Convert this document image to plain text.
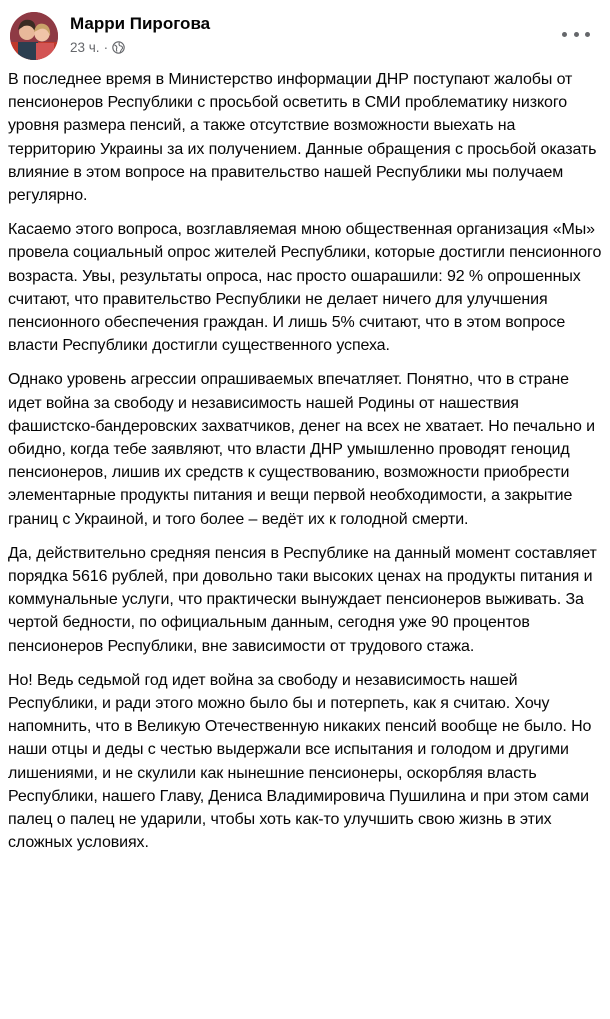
Марри Пирогова
23 ч. ·

В последнее время в Министерство информации ДНР поступают жалобы от пенсионеров Республики с просьбой осветить в СМИ проблематику низкого уровня размера пенсий, а также отсутствие возможности выехать на территорию Украины за их получением. Данные обращения с просьбой оказать влияние в этом вопросе на правительство нашей Республики мы получаем регулярно.

Касаемо этого вопроса, возглавляемая мною общественная организация «Мы» провела социальный опрос жителей Республики, которые достигли пенсионного возраста. Увы, результаты опроса, нас просто ошарашили: 92 % опрошенных считают, что правительство Республики не делает ничего для улучшения пенсионного обеспечения граждан. И лишь 5% считают, что в этом вопросе власти Республики достигли существенного успеха.

Однако уровень агрессии опрашиваемых впечатляет. Понятно, что в стране идет война за свободу и независимость нашей Родины от нашествия фашистско-бандеровских захватчиков, денег на всех не хватает. Но печально и обидно, когда тебе заявляют, что власти ДНР умышленно проводят геноцид пенсионеров, лишив их средств к существованию, возможности приобрести элементарные продукты питания и вещи первой необходимости, а закрытие границ с Украиной, и того более – ведёт их к голодной смерти.

Да, действительно средняя пенсия в Республике на данный момент составляет порядка 5616 рублей, при довольно таки высоких ценах на продукты питания и коммунальные услуги, что практически вынуждает пенсионеров выживать. За чертой бедности, по официальным данным, сегодня уже 90 процентов пенсионеров Республики, вне зависимости от трудового стажа.

Но! Ведь седьмой год идет война за свободу и независимость нашей Республики, и ради этого можно было бы и потерпеть, как я считаю. Хочу напомнить, что в Великую Отечественную никаких пенсий вообще не было. Но наши отцы и деды с честью выдержали все испытания и голодом и другими лишениями, и не скулили как нынешние пенсионеры, оскорбляя власть Республики, нашего Главу, Дениса Владимировича Пушилина и при этом сами палец о палец не ударили, чтобы хоть как-то улучшить свою жизнь в этих сложных условиях.
